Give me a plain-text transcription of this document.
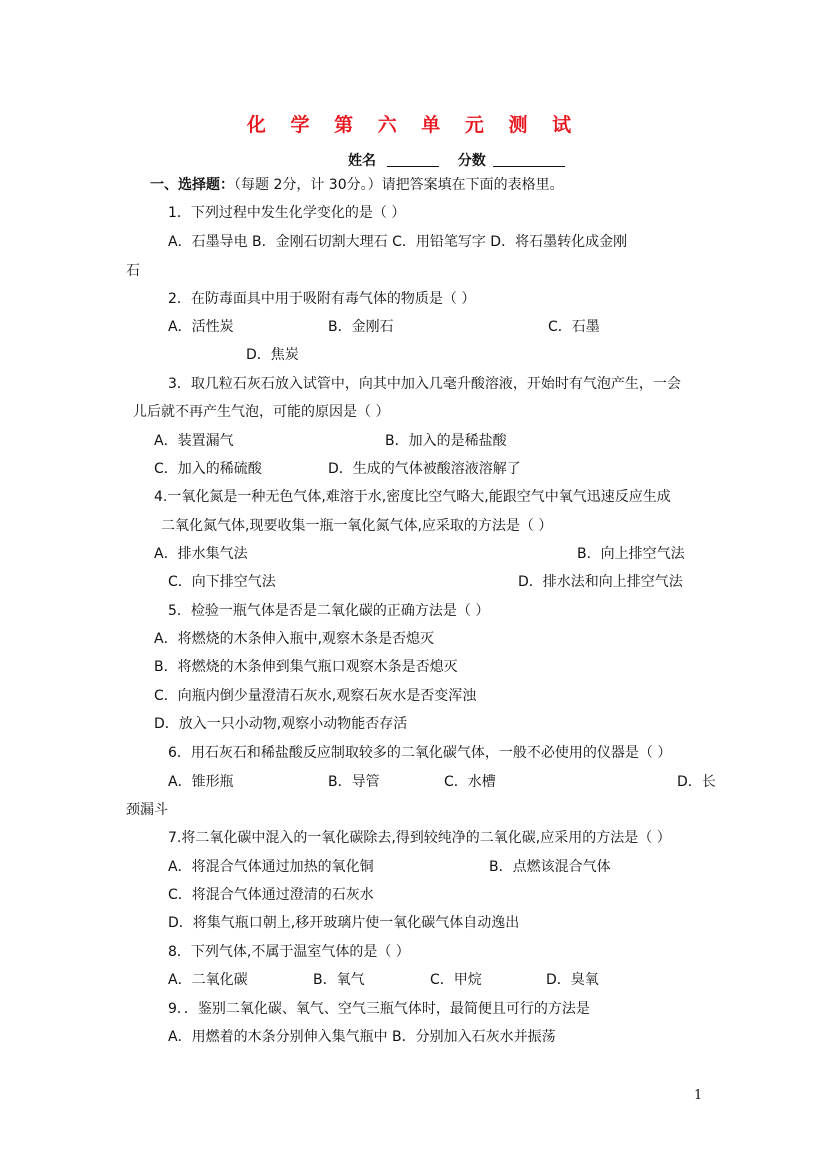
化 学 第 六 单 元 测 试
姓名	分数
一、选择题：（每题 2分，计 30分。）请把答案填在下面的表格里。
1．下列过程中发生化学变化的是（ ）
A．石墨导电 B．金刚石切割大理石 C．用铅笔写字 D．将石墨转化成金刚
石
2．在防毒面具中用于吸附有毒气体的物质是（ ）
A．活性炭	B．金刚石	C．石墨
D．焦炭
3．取几粒石灰石放入试管中，向其中加入几毫升酸溶液，开始时有气泡产生，一会
儿后就不再产生气泡，可能的原因是（ ）
A．装置漏气	B．加入的是稀盐酸
C．加入的稀硫酸	D．生成的气体被酸溶液溶解了
4.一氧化氮是一种无色气体,难溶于水,密度比空气略大,能跟空气中氧气迅速反应生成
二氧化氮气体,现要收集一瓶一氧化氮气体,应采取的方法是（ ）
A．排水集气法	B．向上排空气法
C．向下排空气法	D．排水法和向上排空气法
5．检验一瓶气体是否是二氧化碳的正确方法是（ ）
A．将燃烧的木条伸入瓶中,观察木条是否熄灭
B．将燃烧的木条伸到集气瓶口观察木条是否熄灭
C．向瓶内倒少量澄清石灰水,观察石灰水是否变浑浊
D．放入一只小动物,观察小动物能否存活
6．用石灰石和稀盐酸反应制取较多的二氧化碳气体，一般不必使用的仪器是（ ）
A．锥形瓶	B．导管	C．水槽	D．长
颈漏斗
7.将二氧化碳中混入的一氧化碳除去,得到较纯净的二氧化碳,应采用的方法是（ ）
A．将混合气体通过加热的氧化铜	B．点燃该混合气体
C．将混合气体通过澄清的石灰水
D．将集气瓶口朝上,移开玻璃片使一氧化碳气体自动逸出
8．下列气体,不属于温室气体的是（ ）
A．二氧化碳	B．氧气	C．甲烷	D．臭氧
9．．鉴别二氧化碳、氧气、空气三瓶气体时，最简便且可行的方法是
A．用燃着的木条分别伸入集气瓶中 B．分别加入石灰水并振荡
1
